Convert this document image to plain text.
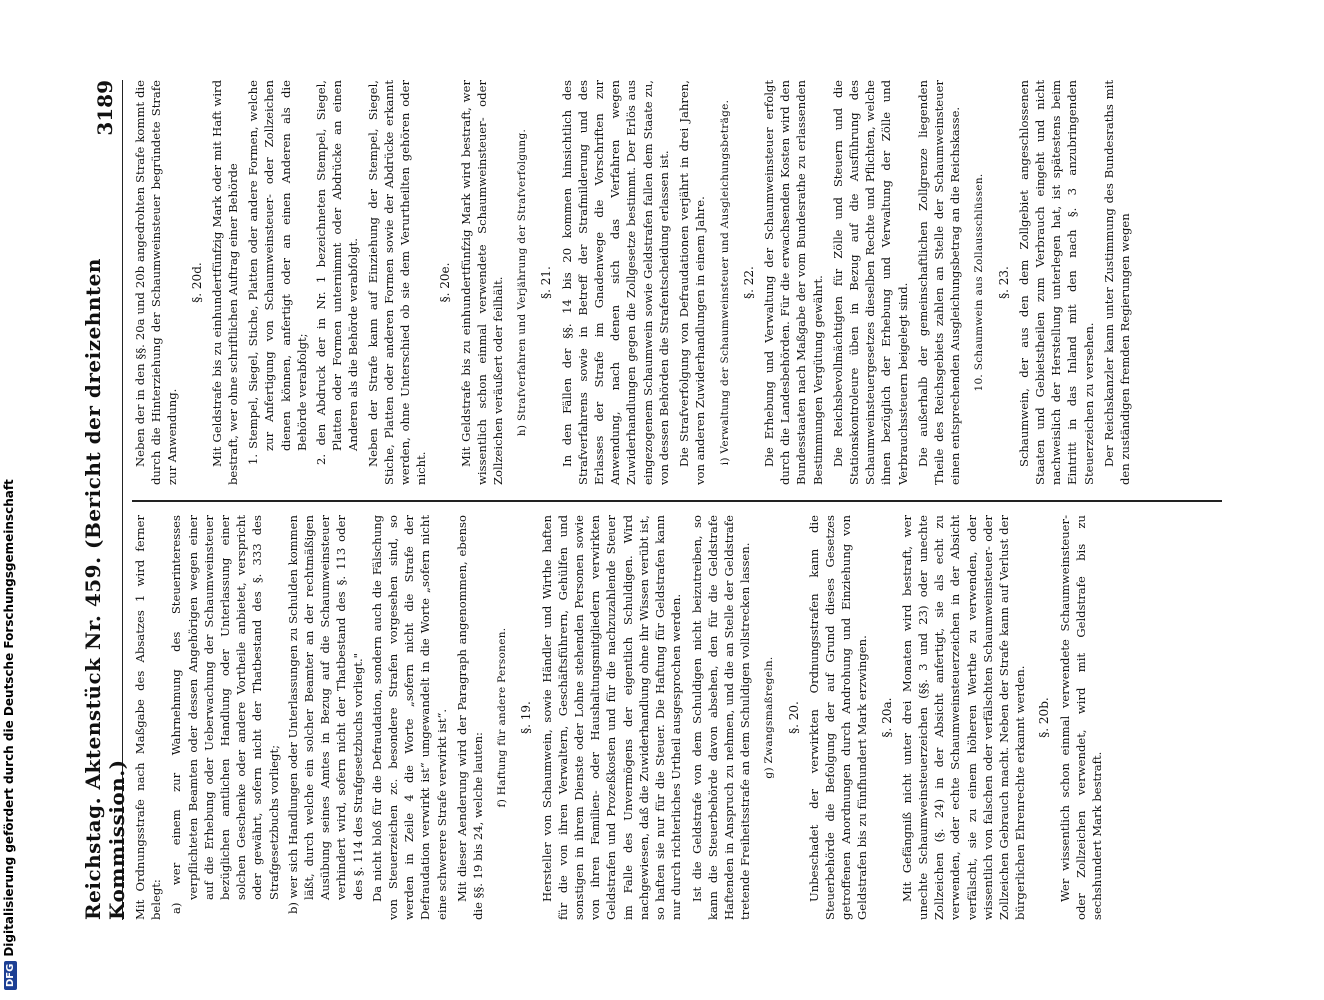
DFGDigitalisierung gefördert durch die Deutsche Forschungsgemeinschaft	Reichstag. Aktenstück Nr. 459. (Bericht der dreizehnten Kommission.)
3189

Mit Ordnungsstrafe nach Maßgabe des Absatzes 1 wird ferner belegt: a) wer einem zur Wahrnehmung des Steuerinteresses verpflichteten Beamten oder dessen Angehörigen wegen einer auf die Erhebung oder Ueberwachung der Schaumweinsteuer bezüglichen amtlichen Handlung oder Unterlassung einer solchen Geschenke oder andere Vortheile anbietet, verspricht oder gewährt, sofern nicht der Thatbestand des §. 333 des Strafgesetzbuchs vorliegt; b) wer sich Handlungen oder Unterlassungen zu Schulden kommen läßt, durch welche ein solcher Beamter an der rechtmäßigen Ausübung seines Amtes in Bezug auf die Schaumweinsteuer verhindert wird, sofern nicht der Thatbestand des §. 113 oder des §. 114 des Strafgesetzbuchs vorliegt." Da nicht bloß für die Defraudation, sondern auch die Fälschung von Steuerzeichen zc. besondere Strafen vorgesehen sind, so werden in Zeile 4 die Worte „sofern nicht die Strafe der Defraudation verwirkt ist“ umgewandelt in die Worte „sofern nicht eine schwerere Strafe verwirkt ist“. Mit dieser Aenderung wird der Paragraph angenommen, ebenso die §§. 19 bis 24, welche lauten:

f) Haftung für andere Personen. §. 19. Hersteller von Schaumwein, sowie Händler und Wirthe haften für die von ihren Verwaltern, Geschäftsführern, Gehülfen und sonstigen in ihrem Dienste oder Lohne stehenden Personen sowie von ihren Familien- oder Haushaltungsmitgliedern verwirkten Geldstrafen und Prozeßkosten und für die nachzuzahlende Steuer im Falle des Unvermögens der eigentlich Schuldigen. Wird nachgewiesen, daß die Zuwiderhandlung ohne ihr Wissen verübt ist, so haften sie nur für die Steuer. Die Haftung für Geldstrafen kann nur durch richterliches Urtheil ausgesprochen werden. Ist die Geldstrafe von dem Schuldigen nicht beizutreiben, so kann die Steuerbehörde davon absehen, den für die Geldstrafe Haftenden in Anspruch zu nehmen, und die an Stelle der Geldstrafe tretende Freiheitsstrafe an dem Schuldigen vollstrecken lassen. g) Zwangsmaßregeln. §. 20. Unbeschadet der verwirkten Ordnungsstrafen kann die Steuerbehörde die Befolgung der auf Grund dieses Gesetzes getroffenen Anordnungen durch Androhung und Einziehung von Geldstrafen bis zu fünfhundert Mark erzwingen. §. 20a. Mit Gefängniß nicht unter drei Monaten wird bestraft, wer unechte Schaumweinsteuerzeichen (§§. 3 und 23) oder unechte Zollzeichen (§. 24) in der Absicht anfertigt, sie als echt zu verwenden, oder echte Schaumweinsteuerzeichen in der Absicht verfälscht, sie zu einem höheren Werthe zu verwenden, oder wissentlich von falschen oder verfälschten Schaumweinsteuer- oder Zollzeichen Gebrauch macht. Neben der Strafe kann auf Verlust der bürgerlichen Ehrenrechte erkannt werden. §. 20b. Wer wissentlich schon einmal verwendete Schaumweinsteuer- oder Zollzeichen verwendet, wird mit Geldstrafe bis zu sechshundert Mark bestraft.

Neben der in den §§. 20a und 20b angedrohten Strafe kommt die durch die Hinterziehung der Schaumweinsteuer begründete Strafe zur Anwendung.

§. 20d. Mit Geldstrafe bis zu einhundertfünfzig Mark oder mit Haft wird bestraft, wer ohne schriftlichen Auftrag einer Behörde 1. Stempel, Siegel, Stiche, Platten oder andere Formen, welche zur Anfertigung von Schaumweinsteuer- oder Zollzeichen dienen können, anfertigt oder an einen Anderen als die Behörde verabfolgt; 2. den Abdruck der in Nr. 1 bezeichneten Stempel, Siegel, Platten oder Formen unternimmt oder Abdrücke an einen Anderen als die Behörde verabfolgt. Neben der Strafe kann auf Einziehung der Stempel, Siegel, Stiche, Platten oder anderen Formen sowie der Abdrücke erkannt werden, ohne Unterschied ob sie dem Verurtheilten gehören oder nicht.

§. 20e. Mit Geldstrafe bis zu einhundertfünfzig Mark wird bestraft, wer wissentlich schon einmal verwendete Schaumweinsteuer- oder Zollzeichen veräußert oder feilhält. h) Strafverfahren und Verjährung der Strafverfolgung. §. 21. In den Fällen der §§. 14 bis 20 kommen hinsichtlich des Strafverfahrens sowie in Betreff der Strafmilderung und des Erlasses der Strafe im Gnadenwege die Vorschriften zur Anwendung, nach denen sich das Verfahren wegen Zuwiderhandlungen gegen die Zollgesetze bestimmt. Der Erlös aus eingezogenem Schaumwein sowie Geldstrafen fallen dem Staate zu, von dessen Behörden die Strafentscheidung erlassen ist. Die Strafverfolgung von Defraudationen verjährt in drei Jahren, von anderen Zuwiderhandlungen in einem Jahre. i) Verwaltung der Schaumweinsteuer und Ausgleichungsbeträge. §. 22. Die Erhebung und Verwaltung der Schaumweinsteuer erfolgt durch die Landesbehörden. Für die erwachsenden Kosten wird den Bundesstaaten nach Maßgabe der vom Bundesrathe zu erlassenden Bestimmungen Vergütung gewährt. Die Reichsbevollmächtigten für Zölle und Steuern und die Stationskontroleure üben in Bezug auf die Ausführung des Schaumweinsteuergesetzes dieselben Rechte und Pflichten, welche ihnen bezüglich der Erhebung und Verwaltung der Zölle und Verbrauchssteuern beigelegt sind. Die außerhalb der gemeinschaftlichen Zollgrenze liegenden Theile des Reichsgebiets zahlen an Stelle der Schaumweinsteuer einen entsprechenden Ausgleichungsbetrag an die Reichskasse. 10. Schaumwein aus Zollausschlüssen. §. 23. Schaumwein, der aus den dem Zollgebiet angeschlossenen Staaten und Gebietstheilen zum Verbrauch eingeht und nicht nachweislich der Herstellung unterlegen hat, ist spätestens beim Eintritt in das Inland mit den nach §. 3 anzubringenden Steuerzeichen zu versehen. Der Reichskanzler kann unter Zustimmung des Bundesraths mit den zuständigen fremden Regierungen wegen
